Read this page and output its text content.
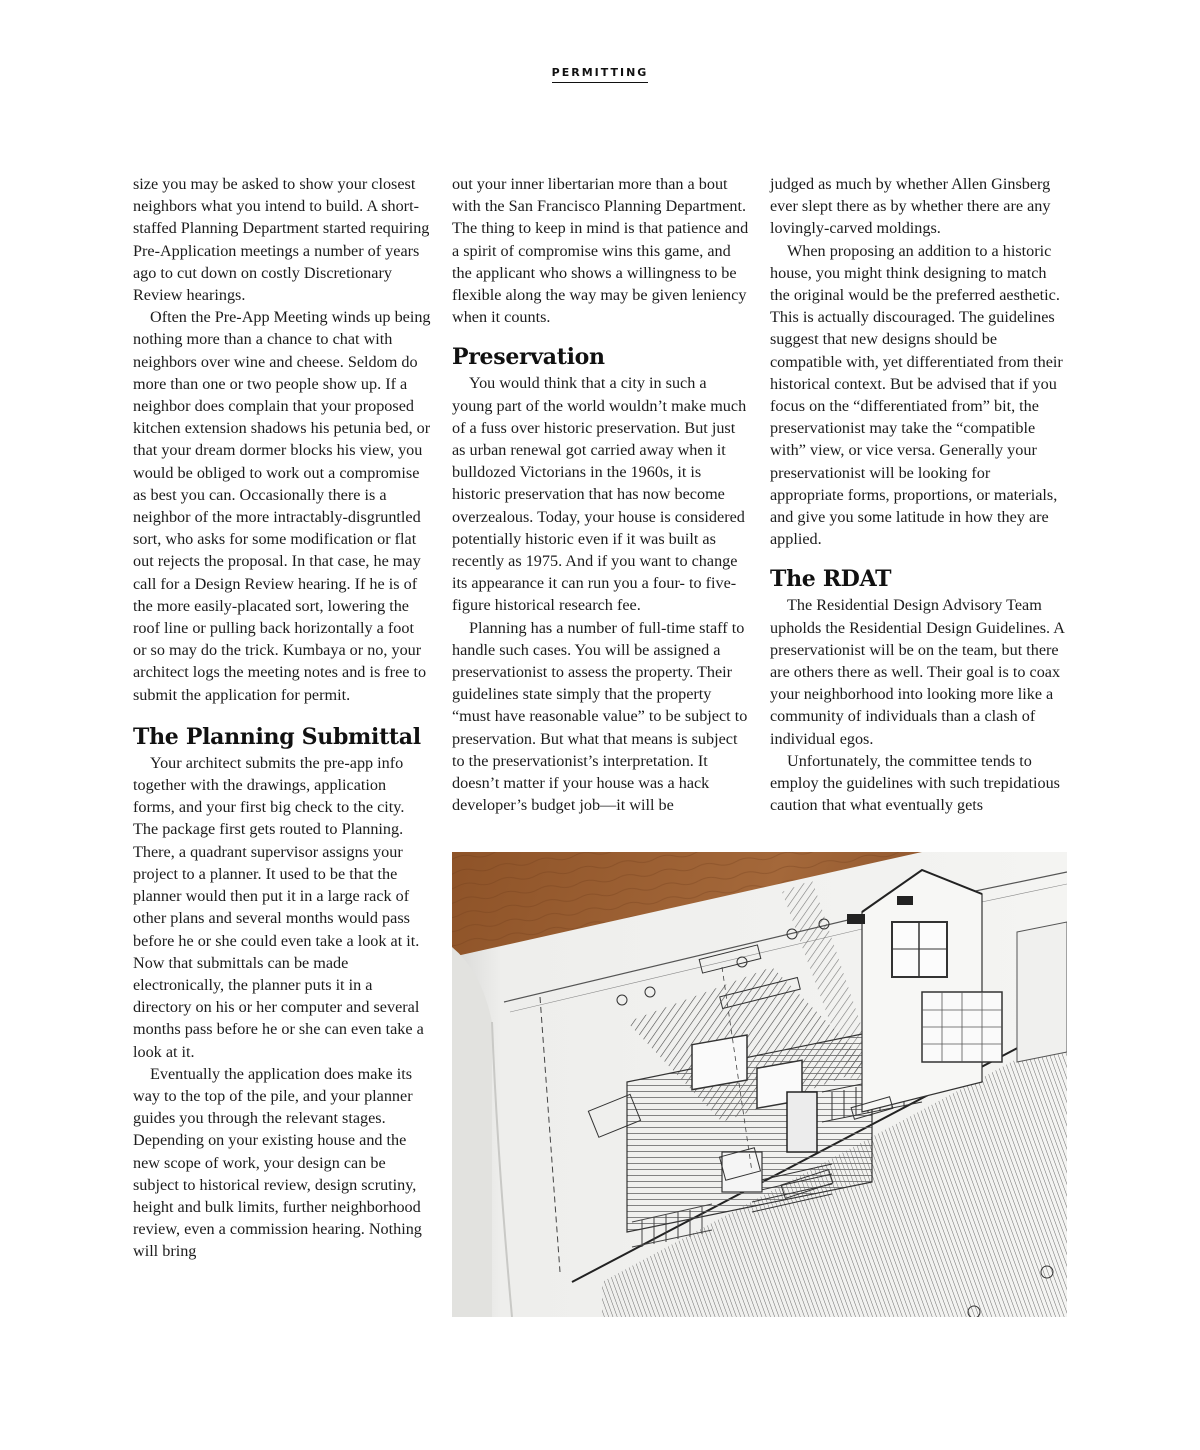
PERMITTING

size you may be asked to show your closest neighbors what you intend to build. A short-staffed Planning Department started requiring Pre-Application meetings a number of years ago to cut down on costly Discretionary Review hearings.

Often the Pre-App Meeting winds up being nothing more than a chance to chat with neighbors over wine and cheese. Seldom do more than one or two people show up. If a neighbor does complain that your proposed kitchen extension shadows his petunia bed, or that your dream dormer blocks his view, you would be obliged to work out a compromise as best you can. Occasionally there is a neighbor of the more intractably-disgruntled sort, who asks for some modification or flat out rejects the proposal. In that case, he may call for a Design Review hearing. If he is of the more easily-placated sort, lowering the roof line or pulling back horizontally a foot or so may do the trick. Kumbaya or no, your architect logs the meeting notes and is free to submit the application for permit.

The Planning Submittal

Your architect submits the pre-app info together with the drawings, application forms, and your first big check to the city. The package first gets routed to Planning. There, a quadrant supervisor assigns your project to a planner. It used to be that the planner would then put it in a large rack of other plans and several months would pass before he or she could even take a look at it. Now that submittals can be made electronically, the planner puts it in a directory on his or her computer and several months pass before he or she can even take a look at it.

Eventually the application does make its way to the top of the pile, and your planner guides you through the relevant stages. Depending on your existing house and the new scope of work, your design can be subject to historical review, design scrutiny, height and bulk limits, further neighborhood review, even a commission hearing. Nothing will bring

out your inner libertarian more than a bout with the San Francisco Planning Department. The thing to keep in mind is that patience and a spirit of compromise wins this game, and the applicant who shows a willingness to be flexible along the way may be given leniency when it counts.

Preservation

You would think that a city in such a young part of the world wouldn’t make much of a fuss over historic preservation. But just as urban renewal got carried away when it bulldozed Victorians in the 1960s, it is historic preservation that has now become overzealous. Today, your house is considered potentially historic even if it was built as recently as 1975. And if you want to change its appearance it can run you a four- to five-figure historical research fee.

Planning has a number of full-time staff to handle such cases. You will be assigned a preservationist to assess the property. Their guidelines state simply that the property “must have reasonable value” to be subject to preservation. But what that means is subject to the preservationist’s interpretation. It doesn’t matter if your house was a hack developer’s budget job—it will be

judged as much by whether Allen Ginsberg ever slept there as by whether there are any lovingly-carved moldings.

When proposing an addition to a historic house, you might think designing to match the original would be the preferred aesthetic. This is actually discouraged. The guidelines suggest that new designs should be compatible with, yet differentiated from their historical context. But be advised that if you focus on the “differentiated from” bit, the preservationist may take the “compatible with” view, or vice versa. Generally your preservationist will be looking for appropriate forms, proportions, or materials, and give you some latitude in how they are applied.

The RDAT

The Residential Design Advisory Team upholds the Residential Design Guidelines. A preservationist will be on the team, but there are others there as well. Their goal is to coax your neighborhood into looking more like a community of individuals than a clash of individual egos.

Unfortunately, the committee tends to employ the guidelines with such trepidatious caution that what eventually gets
